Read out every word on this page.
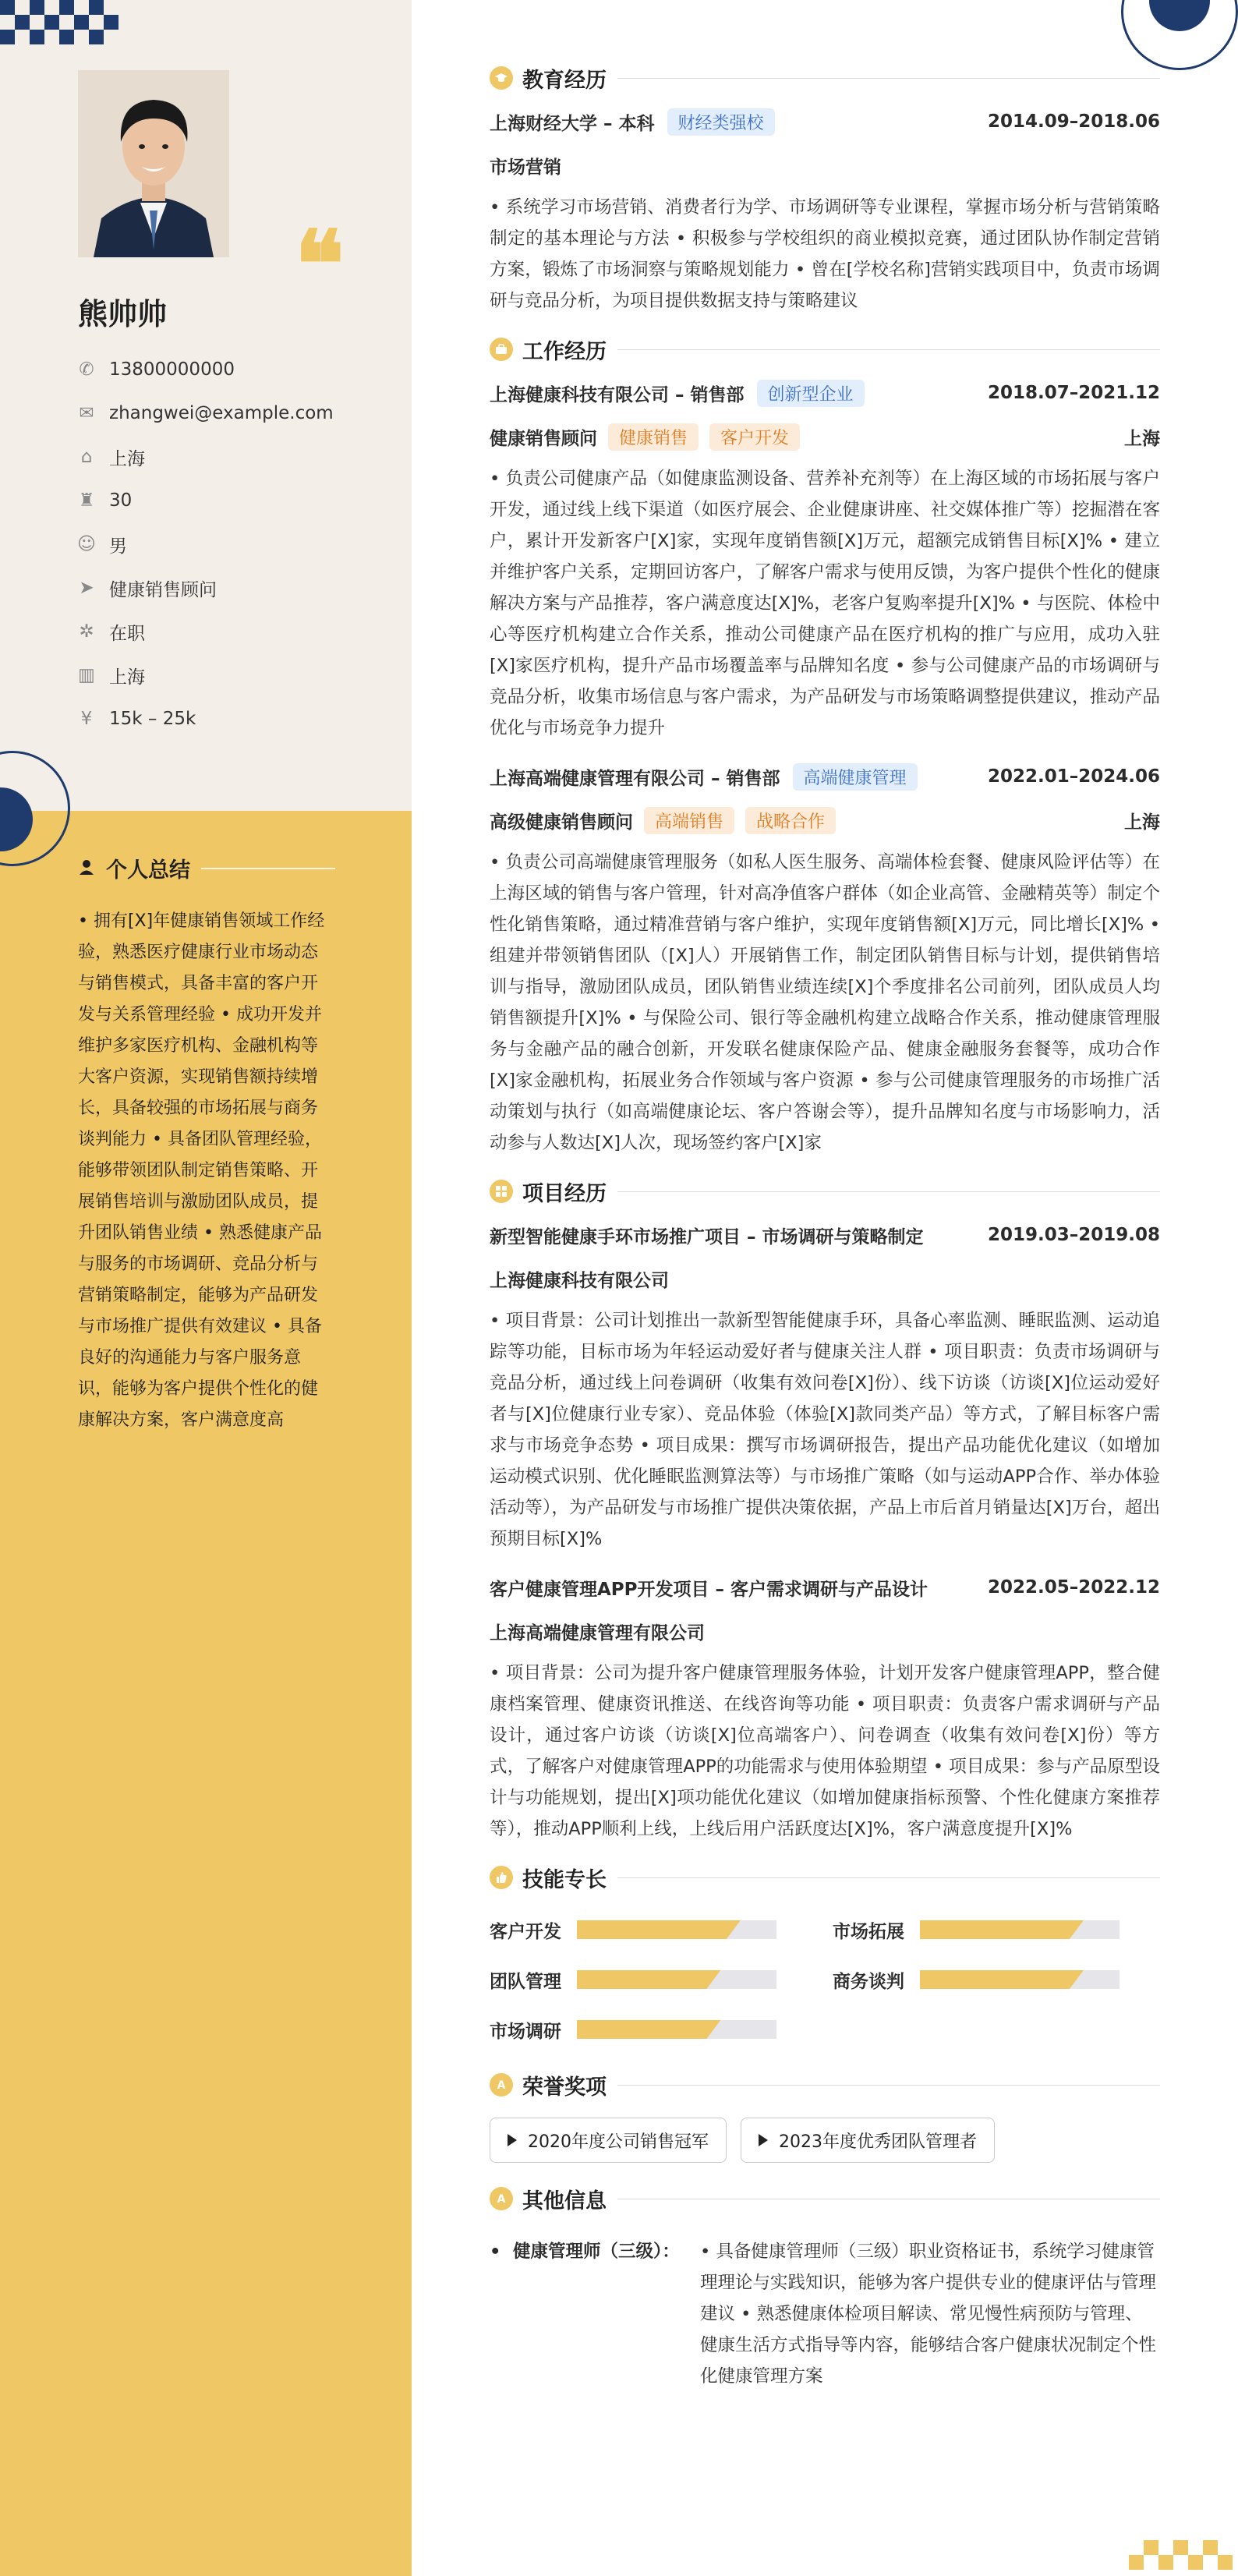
❝
熊帅帅
✆ 13800000000
✉ zhangwei@example.com
⌂ 上海
♜ 30
☺ 男
➤ 健康销售顾问
✲ 在职
▥ 上海
¥ 15k – 25k
个人总结
• 拥有[X]年健康销售领域工作经验，熟悉医疗健康行业市场动态与销售模式，具备丰富的客户开发与关系管理经验 • 成功开发并维护多家医疗机构、金融机构等大客户资源，实现销售额持续增长，具备较强的市场拓展与商务谈判能力 • 具备团队管理经验，能够带领团队制定销售策略、开展销售培训与激励团队成员，提升团队销售业绩 • 熟悉健康产品与服务的市场调研、竞品分析与营销策略制定，能够为产品研发与市场推广提供有效建议 • 具备良好的沟通能力与客户服务意识，能够为客户提供个性化的健康解决方案，客户满意度高
教育经历
上海财经大学 – 本科	财经类强校	2014.09–2018.06
市场营销
• 系统学习市场营销、消费者行为学、市场调研等专业课程，掌握市场分析与营销策略制定的基本理论与方法 • 积极参与学校组织的商业模拟竞赛，通过团队协作制定营销方案，锻炼了市场洞察与策略规划能力 • 曾在[学校名称]营销实践项目中，负责市场调研与竞品分析，为项目提供数据支持与策略建议
工作经历
上海健康科技有限公司 – 销售部	创新型企业	2018.07–2021.12
健康销售顾问	健康销售	客户开发	上海
• 负责公司健康产品（如健康监测设备、营养补充剂等）在上海区域的市场拓展与客户开发，通过线上线下渠道（如医疗展会、企业健康讲座、社交媒体推广等）挖掘潜在客户，累计开发新客户[X]家，实现年度销售额[X]万元，超额完成销售目标[X]% • 建立并维护客户关系，定期回访客户，了解客户需求与使用反馈，为客户提供个性化的健康解决方案与产品推荐，客户满意度达[X]%，老客户复购率提升[X]% • 与医院、体检中心等医疗机构建立合作关系，推动公司健康产品在医疗机构的推广与应用，成功入驻[X]家医疗机构，提升产品市场覆盖率与品牌知名度 • 参与公司健康产品的市场调研与竞品分析，收集市场信息与客户需求，为产品研发与市场策略调整提供建议，推动产品优化与市场竞争力提升
上海高端健康管理有限公司 – 销售部	高端健康管理	2022.01–2024.06
高级健康销售顾问	高端销售	战略合作	上海
• 负责公司高端健康管理服务（如私人医生服务、高端体检套餐、健康风险评估等）在上海区域的销售与客户管理，针对高净值客户群体（如企业高管、金融精英等）制定个性化销售策略，通过精准营销与客户维护，实现年度销售额[X]万元，同比增长[X]% • 组建并带领销售团队（[X]人）开展销售工作，制定团队销售目标与计划，提供销售培训与指导，激励团队成员，团队销售业绩连续[X]个季度排名公司前列，团队成员人均销售额提升[X]% • 与保险公司、银行等金融机构建立战略合作关系，推动健康管理服务与金融产品的融合创新，开发联名健康保险产品、健康金融服务套餐等，成功合作[X]家金融机构，拓展业务合作领域与客户资源 • 参与公司健康管理服务的市场推广活动策划与执行（如高端健康论坛、客户答谢会等），提升品牌知名度与市场影响力，活动参与人数达[X]人次，现场签约客户[X]家
项目经历
新型智能健康手环市场推广项目 – 市场调研与策略制定	2019.03–2019.08
上海健康科技有限公司
• 项目背景：公司计划推出一款新型智能健康手环，具备心率监测、睡眠监测、运动追踪等功能，目标市场为年轻运动爱好者与健康关注人群 • 项目职责：负责市场调研与竞品分析，通过线上问卷调研（收集有效问卷[X]份）、线下访谈（访谈[X]位运动爱好者与[X]位健康行业专家）、竞品体验（体验[X]款同类产品）等方式，了解目标客户需求与市场竞争态势 • 项目成果：撰写市场调研报告，提出产品功能优化建议（如增加运动模式识别、优化睡眠监测算法等）与市场推广策略（如与运动APP合作、举办体验活动等），为产品研发与市场推广提供决策依据，产品上市后首月销量达[X]万台，超出预期目标[X]%
客户健康管理APP开发项目 – 客户需求调研与产品设计	2022.05–2022.12
上海高端健康管理有限公司
• 项目背景：公司为提升客户健康管理服务体验，计划开发客户健康管理APP，整合健康档案管理、健康资讯推送、在线咨询等功能 • 项目职责：负责客户需求调研与产品设计，通过客户访谈（访谈[X]位高端客户）、问卷调查（收集有效问卷[X]份）等方式，了解客户对健康管理APP的功能需求与使用体验期望 • 项目成果：参与产品原型设计与功能规划，提出[X]项功能优化建议（如增加健康指标预警、个性化健康方案推荐等），推动APP顺利上线，上线后用户活跃度达[X]%，客户满意度提升[X]%
技能专长
客户开发	市场拓展
团队管理	商务谈判
市场调研
A 荣誉奖项
2020年度公司销售冠军	2023年度优秀团队管理者
A 其他信息
• 健康管理师（三级）：	• 具备健康管理师（三级）职业资格证书，系统学习健康管理理论与实践知识，能够为客户提供专业的健康评估与管理建议 • 熟悉健康体检项目解读、常见慢性病预防与管理、健康生活方式指导等内容，能够结合客户健康状况制定个性化健康管理方案
